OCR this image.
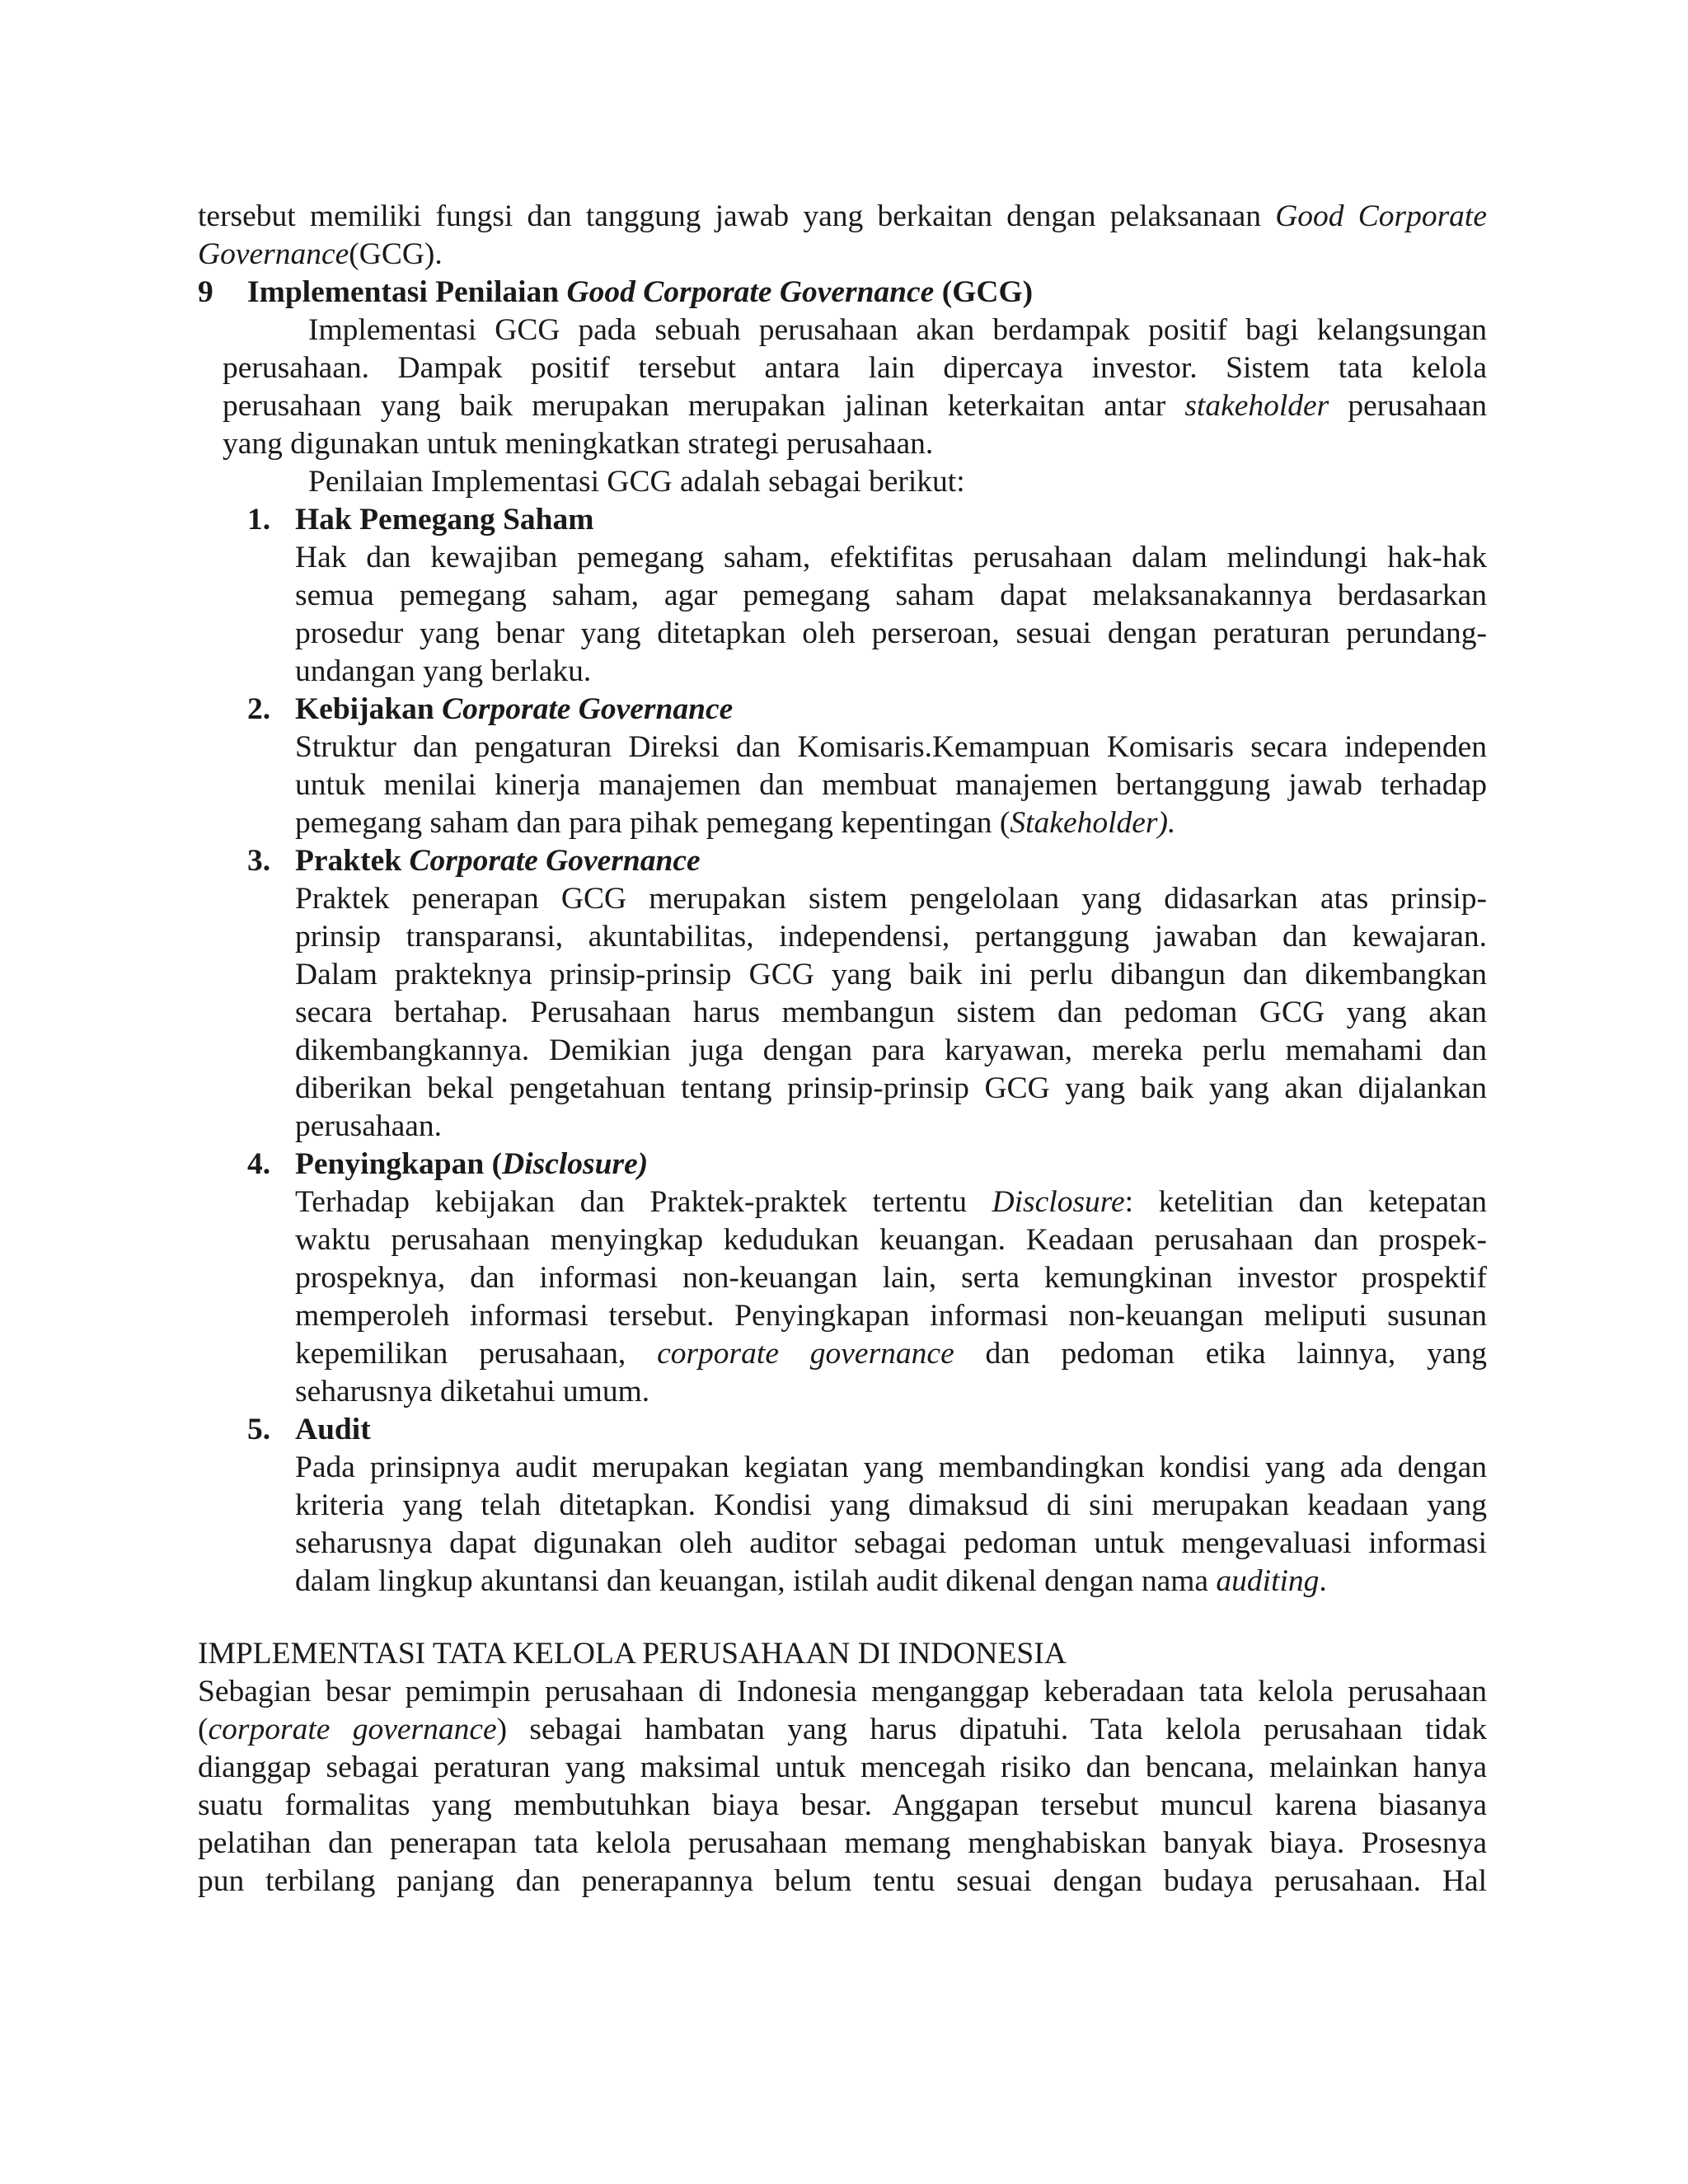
tersebut memiliki fungsi dan tanggung jawab yang berkaitan dengan pelaksanaan Good Corporate

Governance(GCG).

9 Implementasi Penilaian Good Corporate Governance (GCG)

Implementasi GCG pada sebuah perusahaan akan berdampak positif bagi kelangsungan

perusahaan. Dampak positif tersebut antara lain dipercaya investor. Sistem tata kelola

perusahaan yang baik merupakan merupakan jalinan keterkaitan antar stakeholder perusahaan

yang digunakan untuk meningkatkan strategi perusahaan.

Penilaian Implementasi GCG adalah sebagai berikut:

1. Hak Pemegang Saham

Hak dan kewajiban pemegang saham, efektifitas perusahaan dalam melindungi hak-hak

semua pemegang saham, agar pemegang saham dapat melaksanakannya berdasarkan

prosedur yang benar yang ditetapkan oleh perseroan, sesuai dengan peraturan perundang-

undangan yang berlaku.

2. Kebijakan Corporate Governance

Struktur dan pengaturan Direksi dan Komisaris.Kemampuan Komisaris secara independen

untuk menilai kinerja manajemen dan membuat manajemen bertanggung jawab terhadap

pemegang saham dan para pihak pemegang kepentingan (Stakeholder).

3. Praktek Corporate Governance

Praktek penerapan GCG merupakan sistem pengelolaan yang didasarkan atas prinsip-

prinsip transparansi, akuntabilitas, independensi, pertanggung jawaban dan kewajaran.

Dalam prakteknya prinsip-prinsip GCG yang baik ini perlu dibangun dan dikembangkan

secara bertahap. Perusahaan harus membangun sistem dan pedoman GCG yang akan

dikembangkannya. Demikian juga dengan para karyawan, mereka perlu memahami dan

diberikan bekal pengetahuan tentang prinsip-prinsip GCG yang baik yang akan dijalankan

perusahaan.

4. Penyingkapan (Disclosure)

Terhadap kebijakan dan Praktek-praktek tertentu Disclosure: ketelitian dan ketepatan

waktu perusahaan menyingkap kedudukan keuangan. Keadaan perusahaan dan prospek-

prospeknya, dan informasi non-keuangan lain, serta kemungkinan investor prospektif

memperoleh informasi tersebut. Penyingkapan informasi non-keuangan meliputi susunan

kepemilikan perusahaan, corporate governance dan pedoman etika lainnya, yang

seharusnya diketahui umum.

5. Audit

Pada prinsipnya audit merupakan kegiatan yang membandingkan kondisi yang ada dengan

kriteria yang telah ditetapkan. Kondisi yang dimaksud di sini merupakan keadaan yang

seharusnya dapat digunakan oleh auditor sebagai pedoman untuk mengevaluasi informasi

dalam lingkup akuntansi dan keuangan, istilah audit dikenal dengan nama auditing.

IMPLEMENTASI TATA KELOLA PERUSAHAAN DI INDONESIA

Sebagian besar pemimpin perusahaan di Indonesia menganggap keberadaan tata kelola perusahaan

(corporate governance) sebagai hambatan yang harus dipatuhi. Tata kelola perusahaan tidak

dianggap sebagai peraturan yang maksimal untuk mencegah risiko dan bencana, melainkan hanya

suatu formalitas yang membutuhkan biaya besar. Anggapan tersebut muncul karena biasanya

pelatihan dan penerapan tata kelola perusahaan memang menghabiskan banyak biaya. Prosesnya

pun terbilang panjang dan penerapannya belum tentu sesuai dengan budaya perusahaan. Hal
